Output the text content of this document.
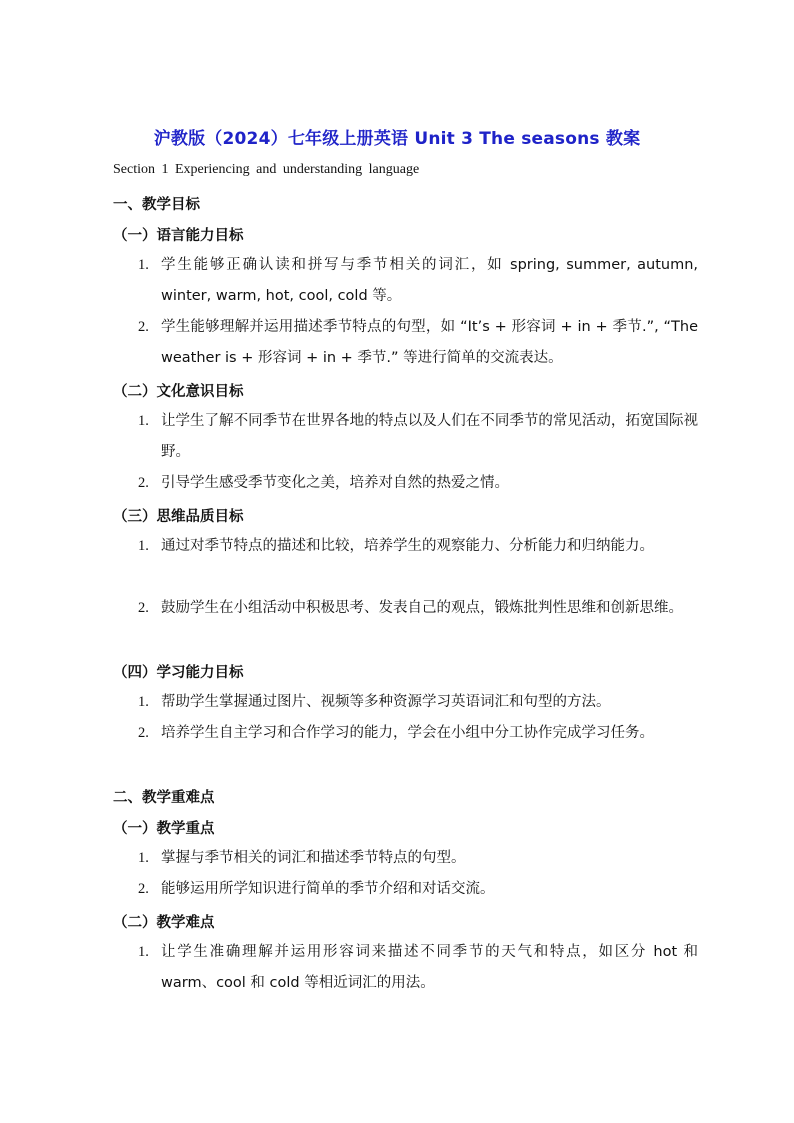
沪教版（2024）七年级上册英语 Unit 3 The seasons 教案
Section 1 Experiencing and understanding language
一、教学目标
（一）语言能力目标
1. 学生能够正确认读和拼写与季节相关的词汇，如 spring, summer, autumn, winter, warm, hot, cool, cold 等。
2. 学生能够理解并运用描述季节特点的句型，如 “It’s + 形容词 + in + 季节.”, “The weather is + 形容词 + in + 季节.” 等进行简单的交流表达。
（二）文化意识目标
1. 让学生了解不同季节在世界各地的特点以及人们在不同季节的常见活动，拓宽国际视野。
2. 引导学生感受季节变化之美，培养对自然的热爱之情。
（三）思维品质目标
1. 通过对季节特点的描述和比较，培养学生的观察能力、分析能力和归纳能力。
2. 鼓励学生在小组活动中积极思考、发表自己的观点，锻炼批判性思维和创新思维。
（四）学习能力目标
1. 帮助学生掌握通过图片、视频等多种资源学习英语词汇和句型的方法。
2. 培养学生自主学习和合作学习的能力，学会在小组中分工协作完成学习任务。
二、教学重难点
（一）教学重点
1. 掌握与季节相关的词汇和描述季节特点的句型。
2. 能够运用所学知识进行简单的季节介绍和对话交流。
（二）教学难点
1. 让学生准确理解并运用形容词来描述不同季节的天气和特点，如区分 hot 和 warm、cool 和 cold 等相近词汇的用法。
